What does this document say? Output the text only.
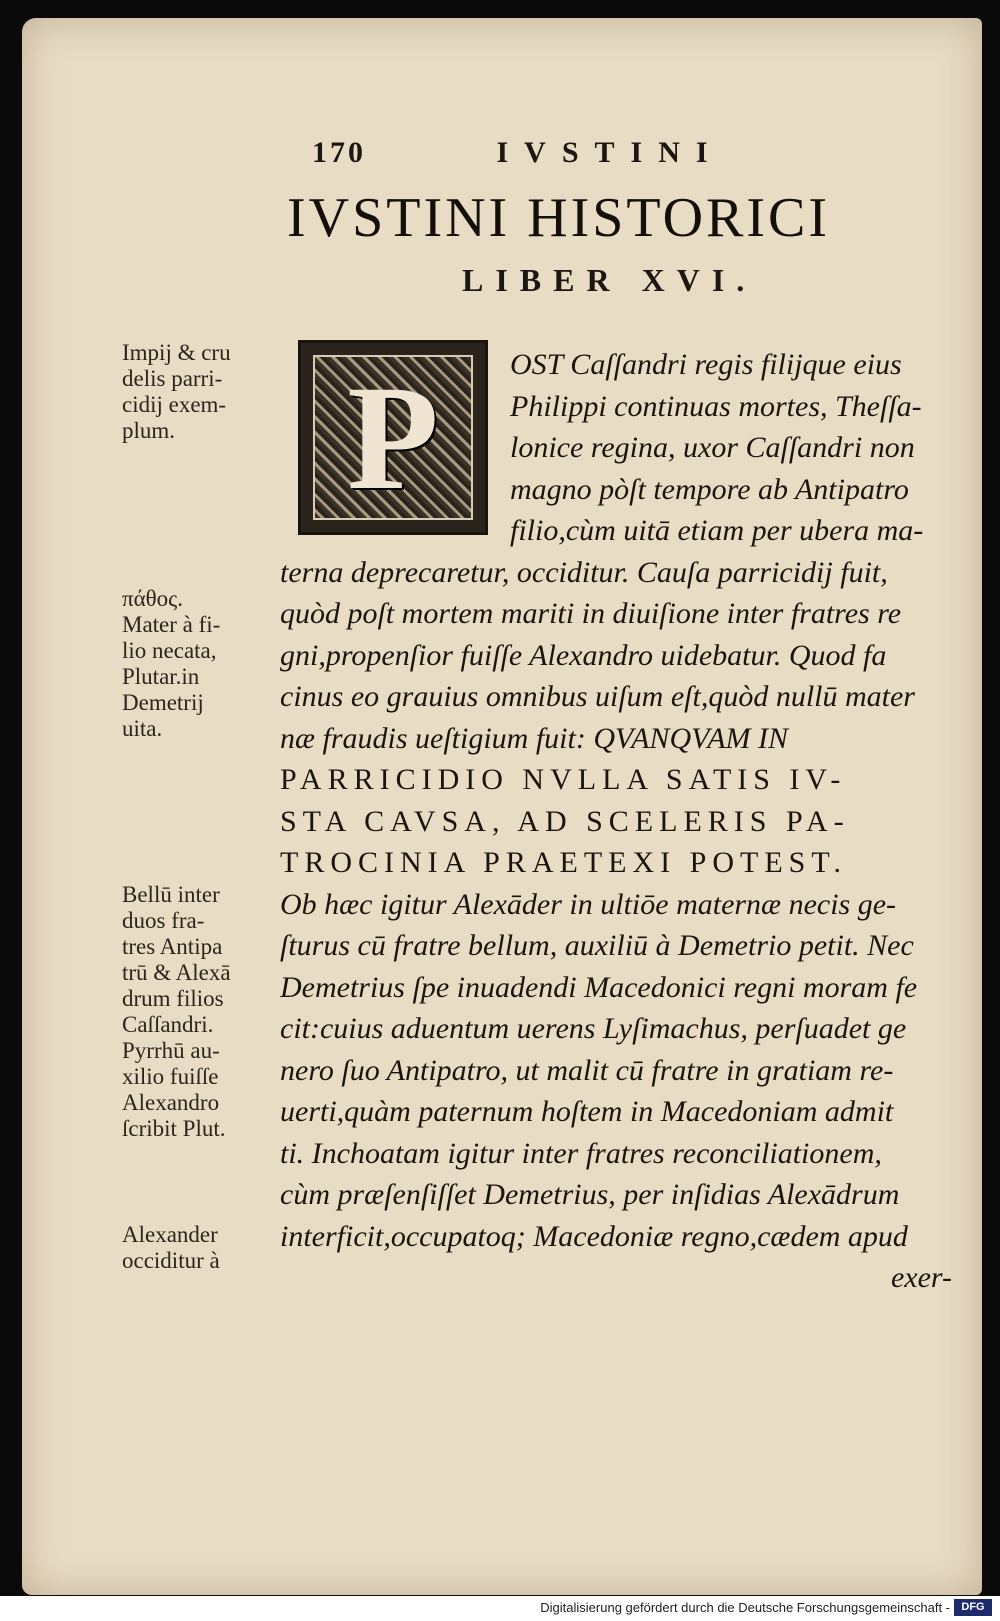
170	IVSTINI
IVSTINI HISTORICI
LIBER XVI.
P	OST Caſſandri regis filijque eius
Philippi continuas mortes, Theſſa-
lonice regina, uxor Caſſandri non
magno pòſt tempore ab Antipatro
filio,cùm uitā etiam per ubera ma-
terna deprecaretur, occiditur. Cauſa parricidij fuit,
quòd poſt mortem mariti in diuiſione inter fratres re
gni,propenſior fuiſſe Alexandro uidebatur. Quod fa
cinus eo grauius omnibus uiſum eſt,quòd nullū mater
næ fraudis ueſtigium fuit: QVANQVAM IN
PARRICIDIO NVLLA SATIS IV-
STA CAVSA, AD SCELERIS PA-
TROCINIA PRAETEXI POTEST.
Ob hæc igitur Alexāder in ultiōe maternæ necis ge-
ſturus cū fratre bellum, auxiliū à Demetrio petit. Nec
Demetrius ſpe inuadendi Macedonici regni moram fe
cit:cuius aduentum uerens Lyſimachus, perſuadet ge
nero ſuo Antipatro, ut malit cū fratre in gratiam re-
uerti,quàm paternum hoſtem in Macedoniam admit
ti. Inchoatam igitur inter fratres reconciliationem,
cùm præſenſiſſet Demetrius, per inſidias Alexādrum
interficit,occupatoq; Macedoniæ regno,cædem apud
exer-
Impij & cru
delis parri-
cidij exem-
plum.
πάθος.
Mater à fi-
lio necata,
Plutar.in
Demetrij
uita.
Bellū inter
duos fra-
tres Antipa
trū & Alexā
drum filios
Caſſandri.
Pyrrhū au-
xilio fuiſſe
Alexandro
ſcribit Plut.
Alexander
occiditur à
Digitalisierung gefördert durch die Deutsche Forschungsgemeinschaft -	DFG
